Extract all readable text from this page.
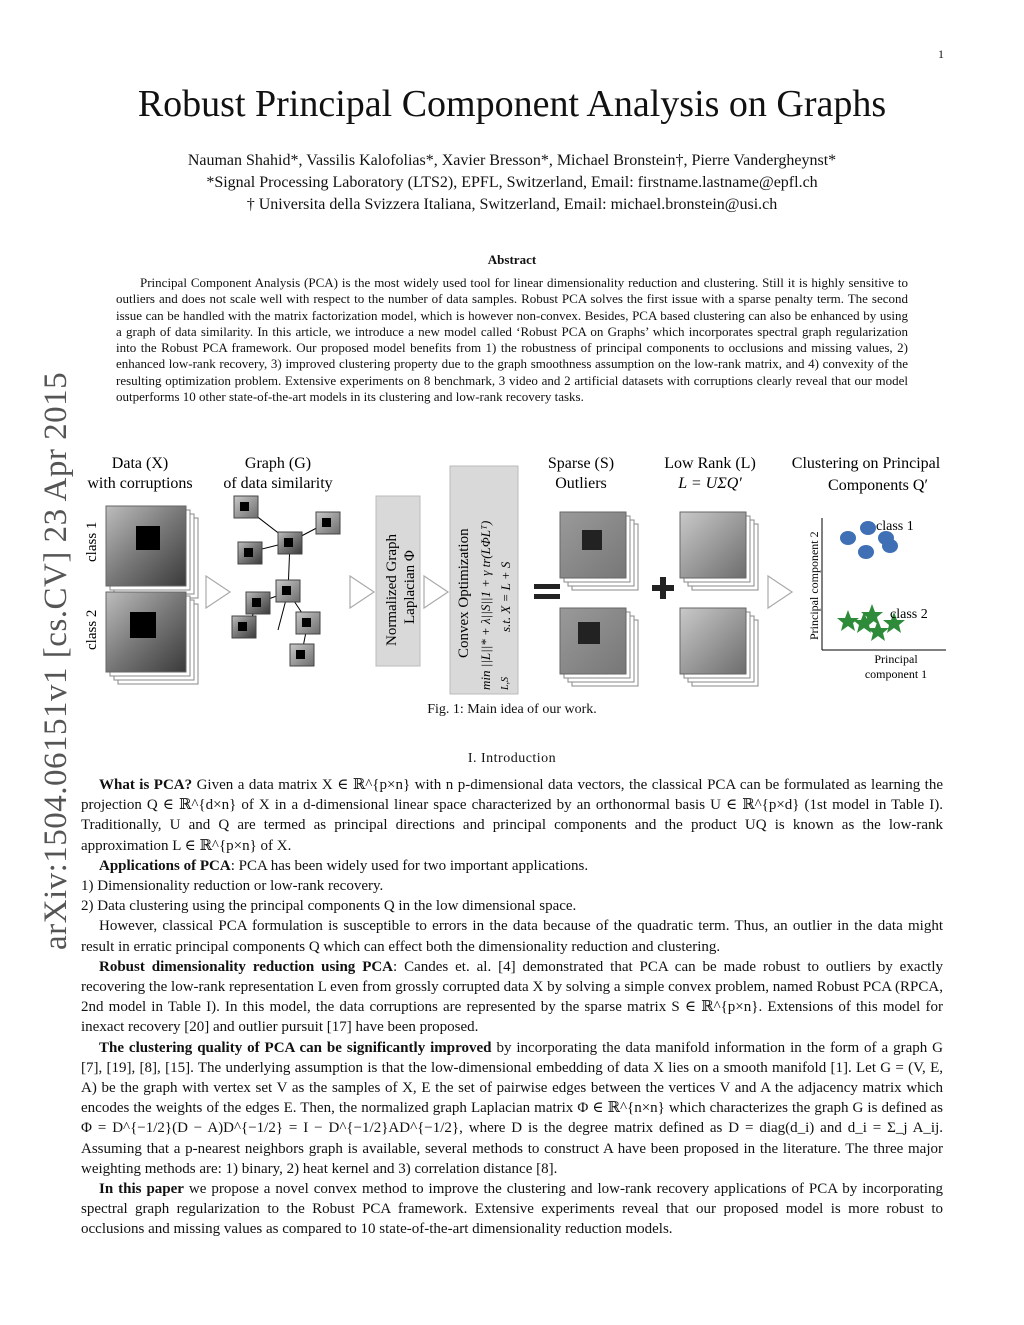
1
arXiv:1504.06151v1 [cs.CV] 23 Apr 2015
Robust Principal Component Analysis on Graphs
Nauman Shahid*, Vassilis Kalofolias*, Xavier Bresson*, Michael Bronstein†, Pierre Vandergheynst*
*Signal Processing Laboratory (LTS2), EPFL, Switzerland, Email: firstname.lastname@epfl.ch
† Universita della Svizzera Italiana, Switzerland, Email: michael.bronstein@usi.ch
Abstract
Principal Component Analysis (PCA) is the most widely used tool for linear dimensionality reduction and clustering. Still it is highly sensitive to outliers and does not scale well with respect to the number of data samples. Robust PCA solves the first issue with a sparse penalty term. The second issue can be handled with the matrix factorization model, which is however non-convex. Besides, PCA based clustering can also be enhanced by using a graph of data similarity. In this article, we introduce a new model called ‘Robust PCA on Graphs’ which incorporates spectral graph regularization into the Robust PCA framework. Our proposed model benefits from 1) the robustness of principal components to occlusions and missing values, 2) enhanced low-rank recovery, 3) improved clustering property due to the graph smoothness assumption on the low-rank matrix, and 4) convexity of the resulting optimization problem. Extensive experiments on 8 benchmark, 3 video and 2 artificial datasets with corruptions clearly reveal that our model outperforms 10 other state-of-the-art models in its clustering and low-rank recovery tasks.
Data (X)
with corruptions
class 1
class 2
Graph (G)
of data similarity
Normalized Graph Laplacian Φ	Convex Optimization min ||L||* + λ||S||1 + γ tr(LΦLᵀ) L,S
s.t. X = L + S
Sparse (S)
Outliers
Low Rank (L)
L = UΣQ′
Clustering on Principal
Components Q′
Principal component 2
Principal
component 1
class 1
class 2
Fig. 1: Main idea of our work.
I. Introduction

What is PCA? Given a data matrix X ∈ ℝ^{p×n} with n p-dimensional data vectors, the classical PCA can be formulated as learning the projection Q ∈ ℝ^{d×n} of X in a d-dimensional linear space characterized by an orthonormal basis U ∈ ℝ^{p×d} (1st model in Table I). Traditionally, U and Q are termed as principal directions and principal components and the product UQ is known as the low-rank approximation L ∈ ℝ^{p×n} of X.

Applications of PCA: PCA has been widely used for two important applications.

1) Dimensionality reduction or low-rank recovery.

2) Data clustering using the principal components Q in the low dimensional space.

However, classical PCA formulation is susceptible to errors in the data because of the quadratic term. Thus, an outlier in the data might result in erratic principal components Q which can effect both the dimensionality reduction and clustering.

Robust dimensionality reduction using PCA: Candes et. al. [4] demonstrated that PCA can be made robust to outliers by exactly recovering the low-rank representation L even from grossly corrupted data X by solving a simple convex problem, named Robust PCA (RPCA, 2nd model in Table I). In this model, the data corruptions are represented by the sparse matrix S ∈ ℝ^{p×n}. Extensions of this model for inexact recovery [20] and outlier pursuit [17] have been proposed.

The clustering quality of PCA can be significantly improved by incorporating the data manifold information in the form of a graph G [7], [19], [8], [15]. The underlying assumption is that the low-dimensional embedding of data X lies on a smooth manifold [1]. Let G = (V, E, A) be the graph with vertex set V as the samples of X, E the set of pairwise edges between the vertices V and A the adjacency matrix which encodes the weights of the edges E. Then, the normalized graph Laplacian matrix Φ ∈ ℝ^{n×n} which characterizes the graph G is defined as Φ = D^{−1/2}(D − A)D^{−1/2} = I − D^{−1/2}AD^{−1/2}, where D is the degree matrix defined as D = diag(d_i) and d_i = Σ_j A_ij. Assuming that a p-nearest neighbors graph is available, several methods to construct A have been proposed in the literature. The three major weighting methods are: 1) binary, 2) heat kernel and 3) correlation distance [8].

In this paper we propose a novel convex method to improve the clustering and low-rank recovery applications of PCA by incorporating spectral graph regularization to the Robust PCA framework. Extensive experiments reveal that our proposed model is more robust to occlusions and missing values as compared to 10 state-of-the-art dimensionality reduction models.
